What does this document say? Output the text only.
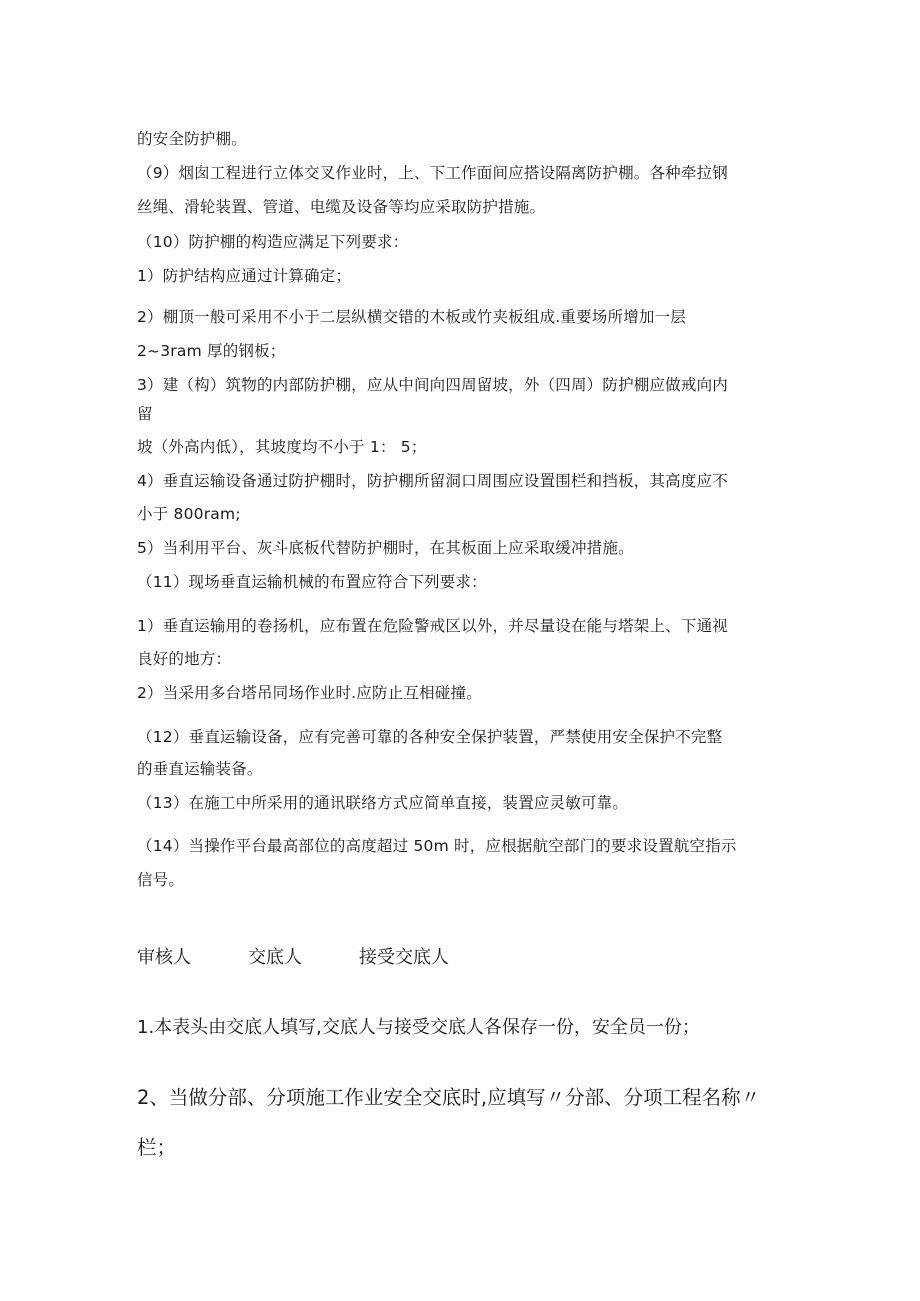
的安全防护棚。
（9）烟囱工程进行立体交叉作业时，上、下工作面间应搭设隔离防护棚。各种牵拉钢
丝绳、滑轮装置、管道、电缆及设备等均应采取防护措施。
（10）防护棚的构造应满足下列要求：
1）防护结构应通过计算确定；
2）棚顶一般可采用不小于二层纵横交错的木板或竹夹板组成.重要场所增加一层
2~3ram 厚的钢板；
3）建（构）筑物的内部防护棚，应从中间向四周留坡，外（四周）防护棚应做戒向内
留
坡（外高内低），其坡度均不小于 1： 5；
4）垂直运输设备通过防护棚时，防护棚所留洞口周围应设置围栏和挡板，其高度应不
小于 800ram;
5）当利用平台、灰斗底板代替防护棚时，在其板面上应采取缓冲措施。
（11）现场垂直运输机械的布置应符合下列要求：
1）垂直运输用的卷扬机，应布置在危险警戒区以外，并尽量设在能与塔架上、下通视
良好的地方：
2）当采用多台塔吊同场作业时.应防止互相碰撞。
（12）垂直运输设备，应有完善可靠的各种安全保护装置，严禁使用安全保护不完整
的垂直运输装备。
（13）在施工中所采用的通讯联络方式应简单直接，装置应灵敏可靠。
（14）当操作平台最高部位的高度超过 50m 时，应根据航空部门的要求设置航空指示
信号。
审核人	交底人	接受交底人
1.本表头由交底人填写,交底人与接受交底人各保存一份，安全员一份；
2、当做分部、分项施工作业安全交底时,应填写〃分部、分项工程名称〃
栏；
